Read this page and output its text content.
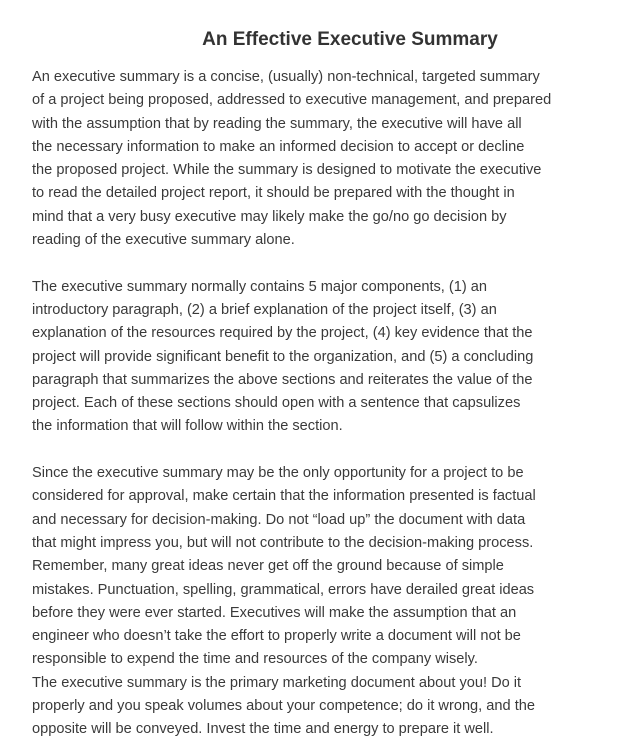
An Effective Executive Summary

An executive summary is a concise, (usually) non-technical, targeted summary
of a project being proposed, addressed to executive management, and prepared
with the assumption that by reading the summary, the executive will have all
the necessary information to make an informed decision to accept or decline
the proposed project. While the summary is designed to motivate the executive
to read the detailed project report, it should be prepared with the thought in
mind that a very busy executive may likely make the go/no go decision by
reading of the executive summary alone.

The executive summary normally contains 5 major components, (1) an
introductory paragraph, (2) a brief explanation of the project itself, (3) an
explanation of the resources required by the project, (4) key evidence that the
project will provide significant benefit to the organization, and (5) a concluding
paragraph that summarizes the above sections and reiterates the value of the
project. Each of these sections should open with a sentence that capsulizes
the information that will follow within the section.

Since the executive summary may be the only opportunity for a project to be
considered for approval, make certain that the information presented is factual
and necessary for decision-making. Do not “load up” the document with data
that might impress you, but will not contribute to the decision-making process.
Remember, many great ideas never get off the ground because of simple
mistakes. Punctuation, spelling, grammatical, errors have derailed great ideas
before they were ever started. Executives will make the assumption that an
engineer who doesn’t take the effort to properly write a document will not be
responsible to expend the time and resources of the company wisely.
The executive summary is the primary marketing document about you! Do it
properly and you speak volumes about your competence; do it wrong, and the
opposite will be conveyed. Invest the time and energy to prepare it well.
